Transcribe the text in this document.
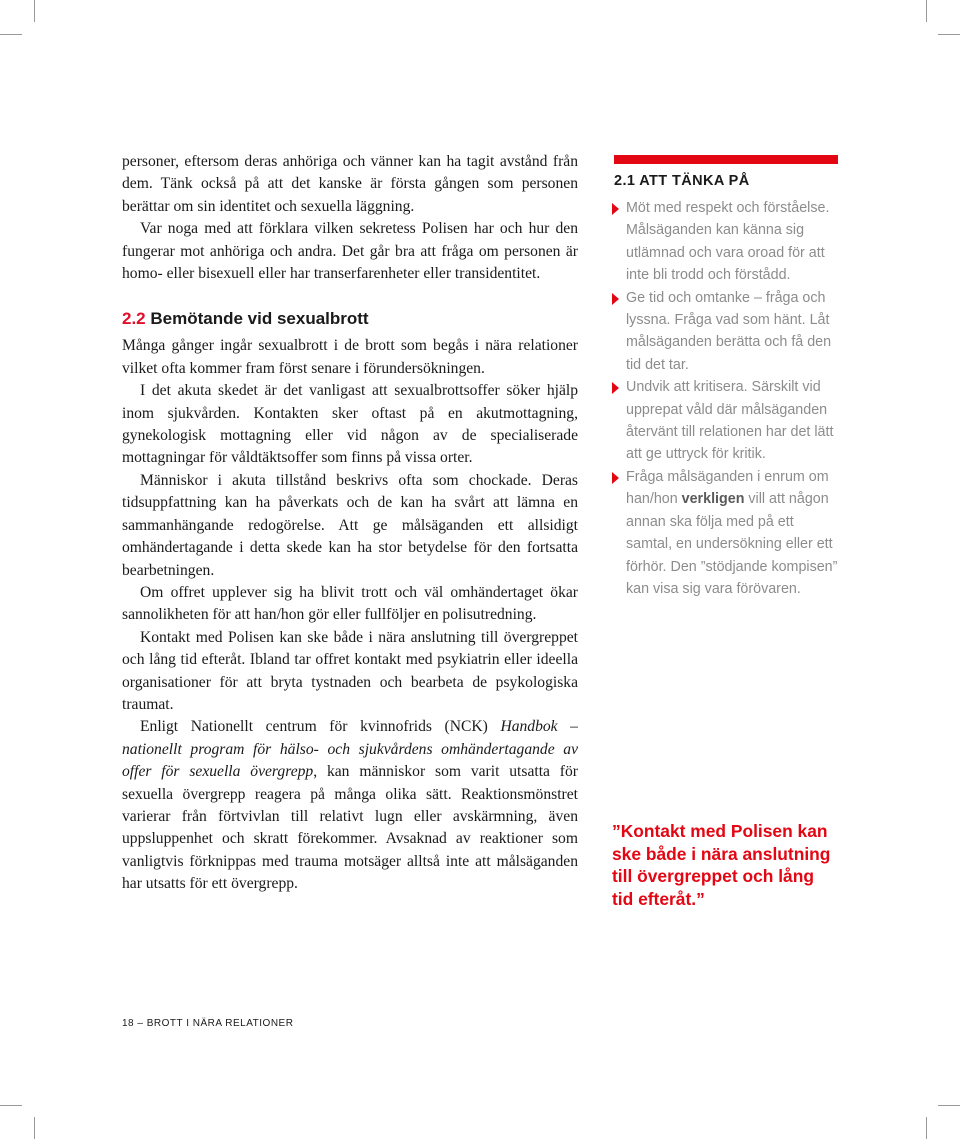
personer, eftersom deras anhöriga och vänner kan ha tagit avstånd från dem. Tänk också på att det kanske är första gången som personen berättar om sin identitet och sexuella läggning.

Var noga med att förklara vilken sekretess Polisen har och hur den fungerar mot anhöriga och andra. Det går bra att fråga om personen är homo- eller bisexuell eller har transerfarenheter eller transidentitet.

2.2 Bemötande vid sexualbrott

Många gånger ingår sexualbrott i de brott som begås i nära relationer vilket ofta kommer fram först senare i förundersökningen.

I det akuta skedet är det vanligast att sexualbrottsoffer söker hjälp inom sjukvården. Kontakten sker oftast på en akutmottagning, gynekologisk mottagning eller vid någon av de specialiserade mottagningar för våldtäktsoffer som finns på vissa orter.

Människor i akuta tillstånd beskrivs ofta som chockade. Deras tidsuppfattning kan ha påverkats och de kan ha svårt att lämna en sammanhängande redogörelse. Att ge målsäganden ett allsidigt omhändertagande i detta skede kan ha stor betydelse för den fortsatta bearbetningen.

Om offret upplever sig ha blivit trott och väl omhändertaget ökar sannolikheten för att han/hon gör eller fullföljer en polisutredning.

Kontakt med Polisen kan ske både i nära anslutning till övergreppet och lång tid efteråt. Ibland tar offret kontakt med psykiatrin eller ideella organisationer för att bryta tystnaden och bearbeta de psykologiska traumat.

Enligt Nationellt centrum för kvinnofrids (NCK) Handbok – nationellt program för hälso- och sjukvårdens omhändertagande av offer för sexuella övergrepp, kan människor som varit utsatta för sexuella övergrepp reagera på många olika sätt. Reaktionsmönstret varierar från förtvivlan till relativt lugn eller avskärmning, även uppsluppenhet och skratt förekommer. Avsaknad av reaktioner som vanligtvis förknippas med trauma motsäger alltså inte att målsäganden har utsatts för ett övergrepp.

2.1 ATT TÄNKA PÅ
Möt med respekt och förståelse. Målsäganden kan känna sig utlämnad och vara oroad för att inte bli trodd och förstådd.
Ge tid och omtanke – fråga och lyssna. Fråga vad som hänt. Låt målsäganden berätta och få den tid det tar.
Undvik att kritisera. Särskilt vid upprepat våld där målsäganden återvänt till relationen har det lätt att ge uttryck för kritik.
Fråga målsäganden i enrum om han/hon verkligen vill att någon annan ska följa med på ett samtal, en undersökning eller ett förhör. Den ”stödjande kompisen” kan visa sig vara förövaren.
”Kontakt med Polisen kan ske både i nära anslutning till övergreppet och lång tid efteråt.”
18 – BROTT I NÄRA RELATIONER
